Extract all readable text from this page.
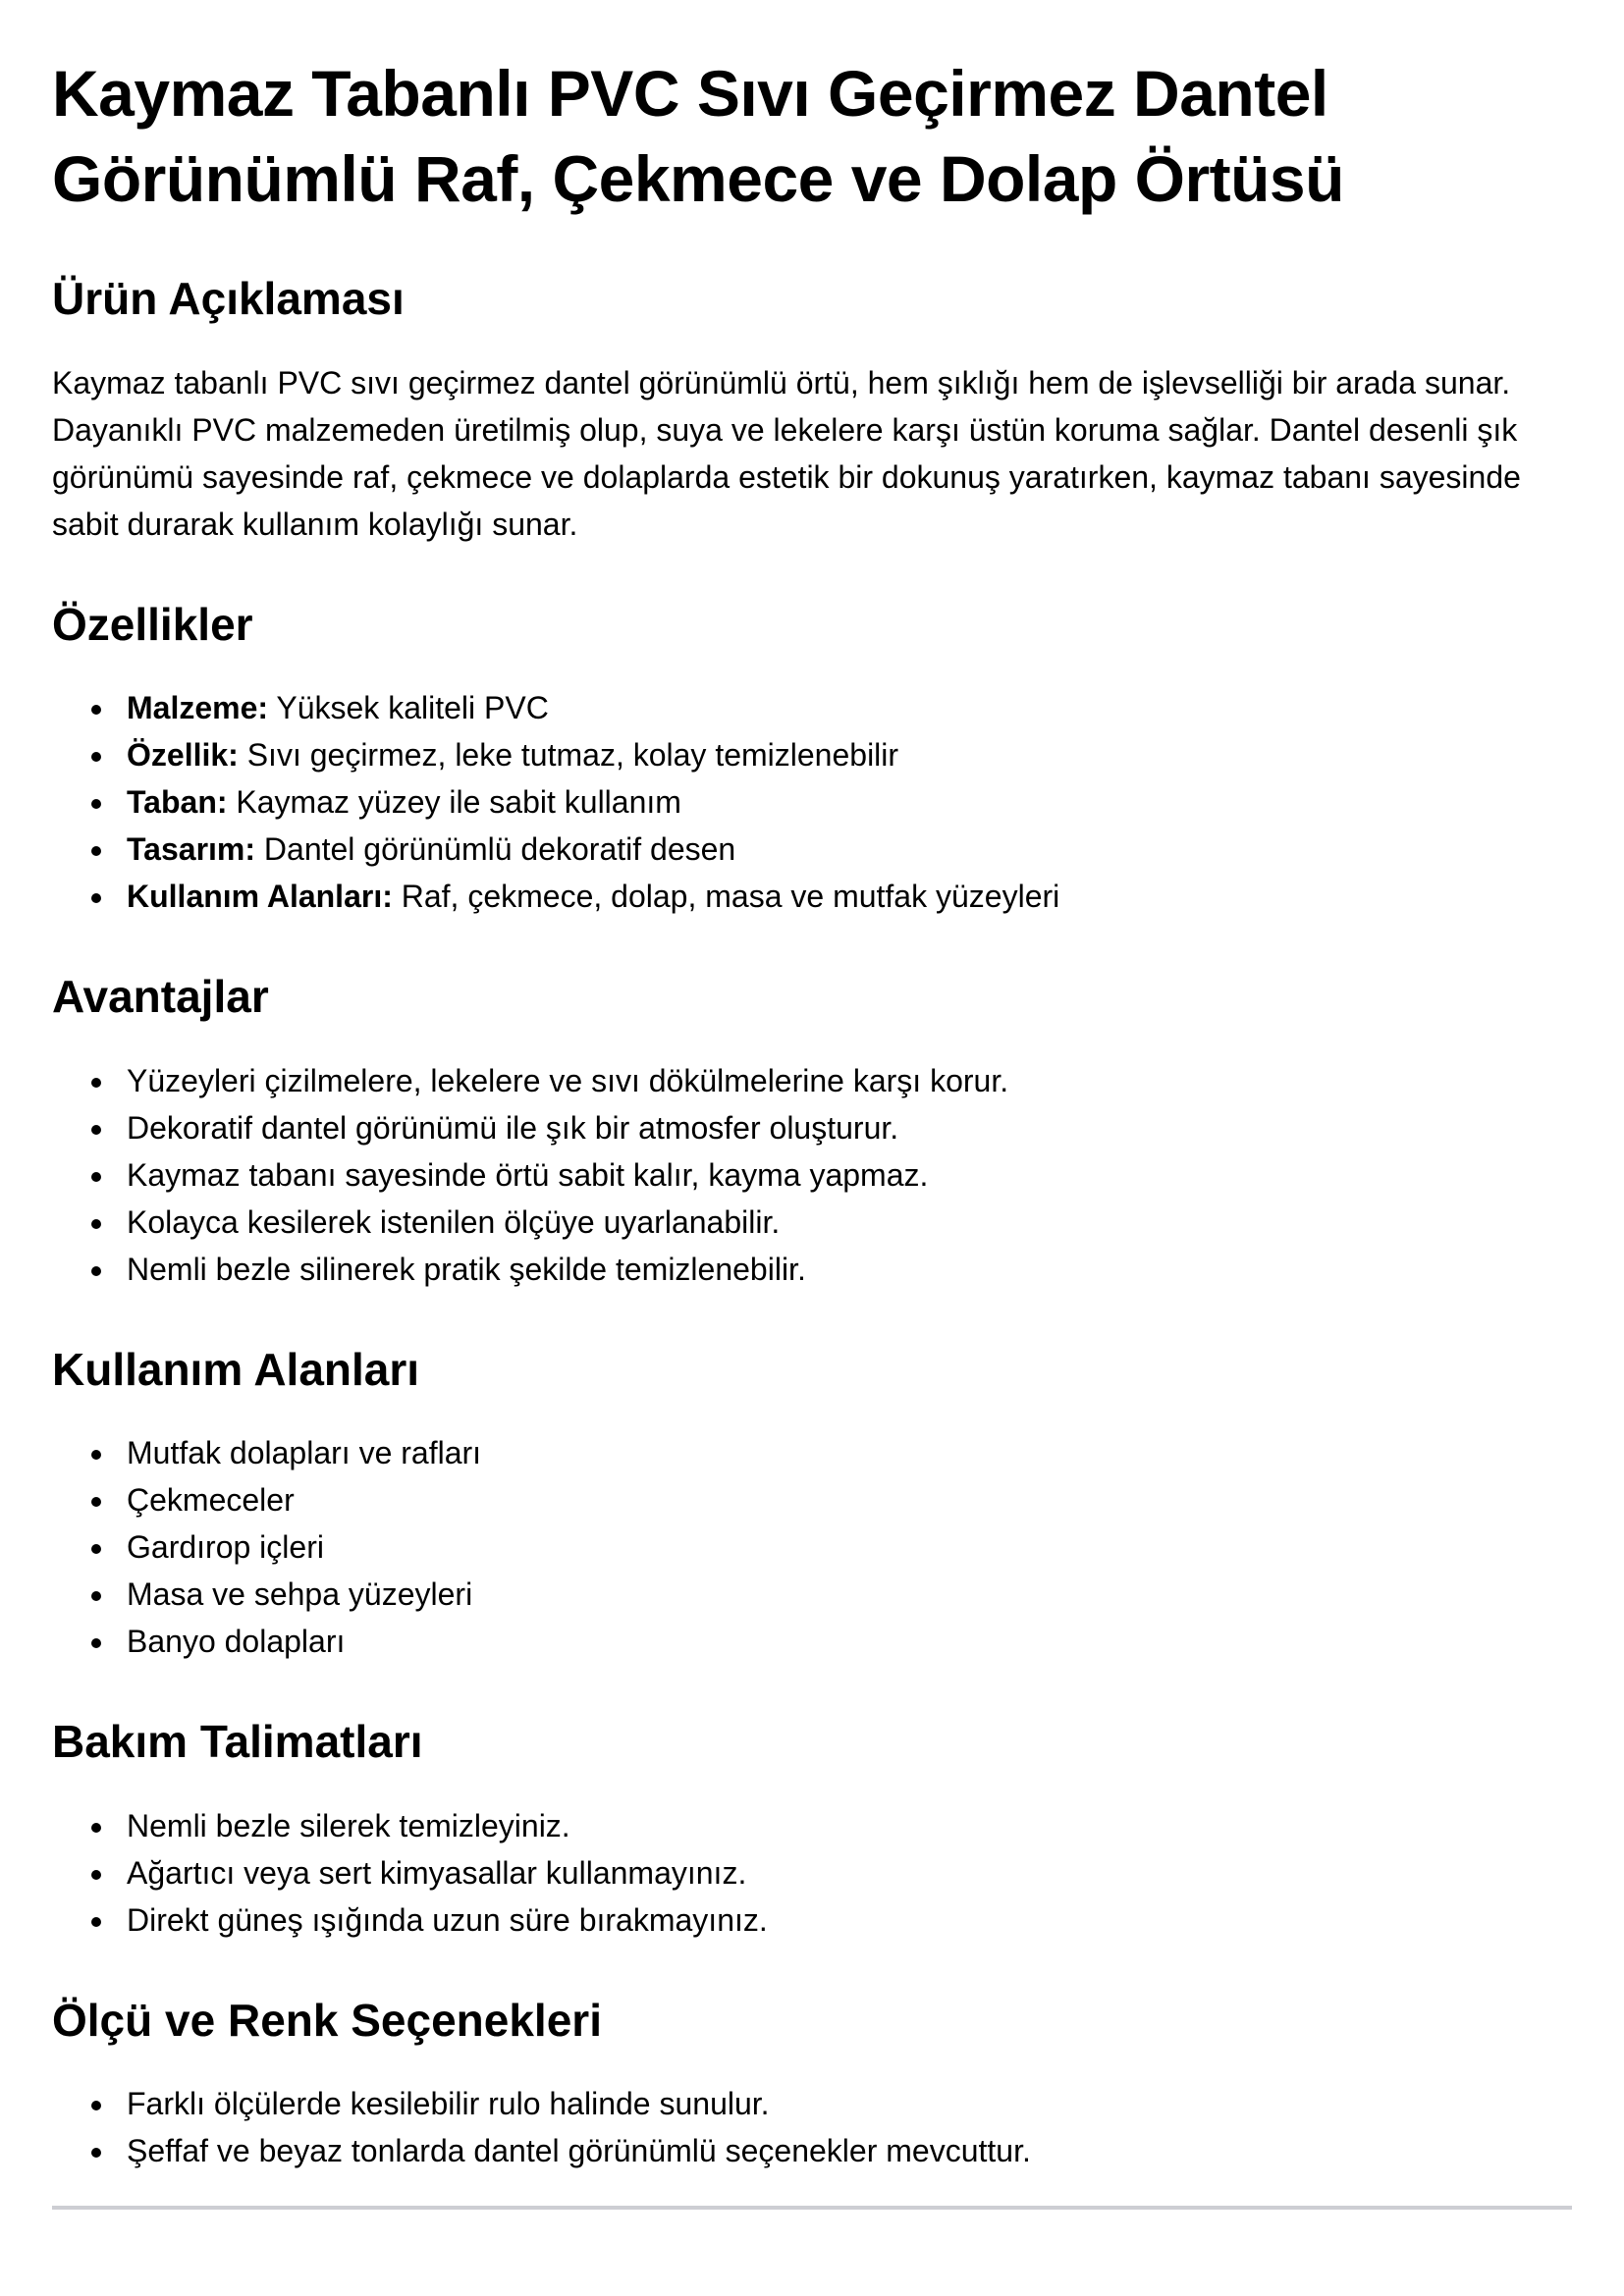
Kaymaz Tabanlı PVC Sıvı Geçirmez Dantel Görünümlü Raf, Çekmece ve Dolap Örtüsü
Ürün Açıklaması

Kaymaz tabanlı PVC sıvı geçirmez dantel görünümlü örtü, hem şıklığı hem de işlevselliği bir arada sunar. Dayanıklı PVC malzemeden üretilmiş olup, suya ve lekelere karşı üstün koruma sağlar. Dantel desenli şık görünümü sayesinde raf, çekmece ve dolaplarda estetik bir dokunuş yaratırken, kaymaz tabanı sayesinde sabit durarak kullanım kolaylığı sunar.

Özellikler
• Malzeme: Yüksek kaliteli PVC
• Özellik: Sıvı geçirmez, leke tutmaz, kolay temizlenebilir
• Taban: Kaymaz yüzey ile sabit kullanım
• Tasarım: Dantel görünümlü dekoratif desen
• Kullanım Alanları: Raf, çekmece, dolap, masa ve mutfak yüzeyleri
Avantajlar
• Yüzeyleri çizilmelere, lekelere ve sıvı dökülmelerine karşı korur.
• Dekoratif dantel görünümü ile şık bir atmosfer oluşturur.
• Kaymaz tabanı sayesinde örtü sabit kalır, kayma yapmaz.
• Kolayca kesilerek istenilen ölçüye uyarlanabilir.
• Nemli bezle silinerek pratik şekilde temizlenebilir.
Kullanım Alanları
• Mutfak dolapları ve rafları
• Çekmeceler
• Gardırop içleri
• Masa ve sehpa yüzeyleri
• Banyo dolapları
Bakım Talimatları
• Nemli bezle silerek temizleyiniz.
• Ağartıcı veya sert kimyasallar kullanmayınız.
• Direkt güneş ışığında uzun süre bırakmayınız.
Ölçü ve Renk Seçenekleri
• Farklı ölçülerde kesilebilir rulo halinde sunulur.
• Şeffaf ve beyaz tonlarda dantel görünümlü seçenekler mevcuttur.
